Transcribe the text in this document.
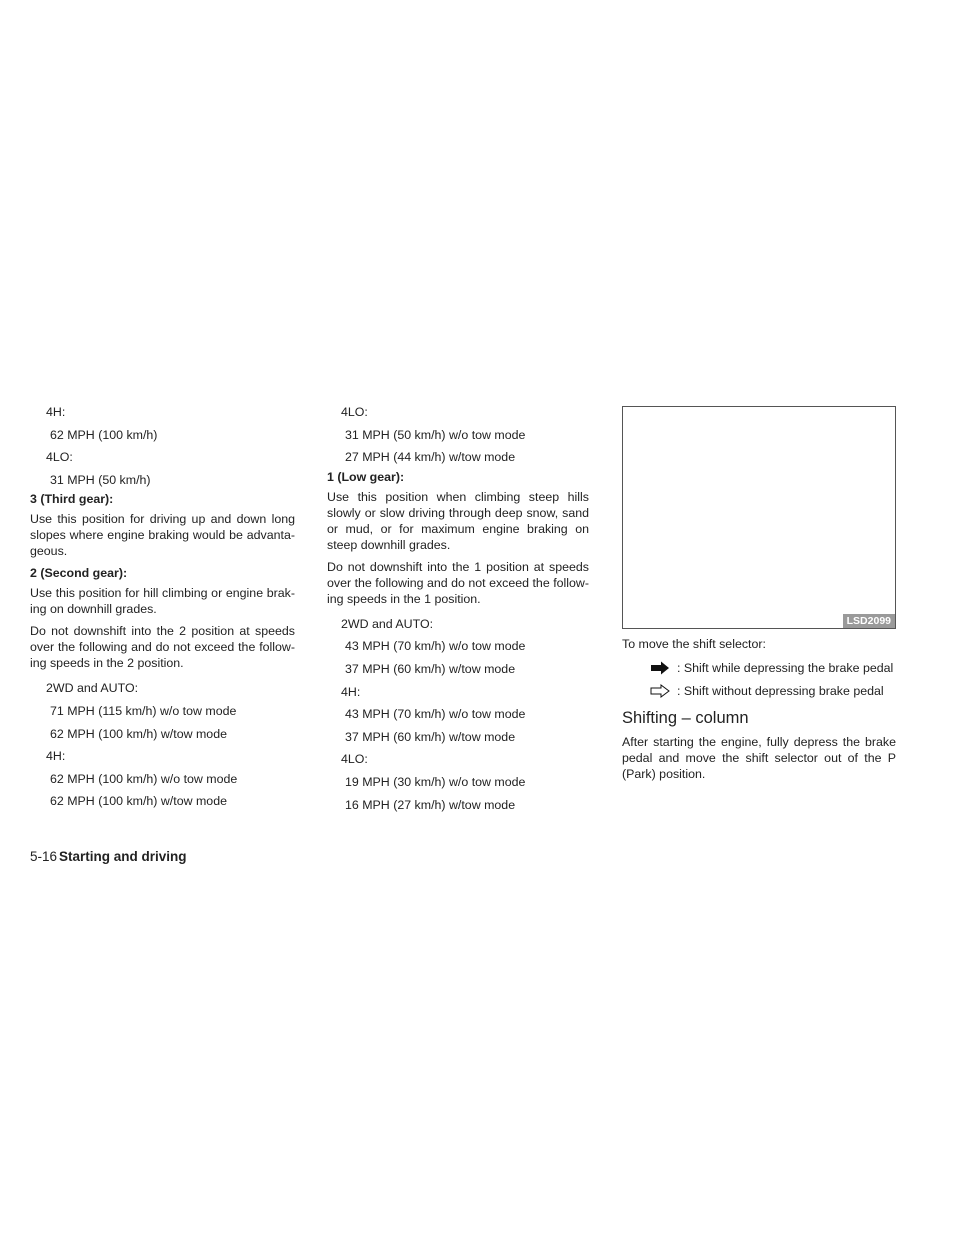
4H:
62 MPH (100 km/h)
4LO:
31 MPH (50 km/h)
3 (Third gear):

Use this position for driving up and down long slopes where engine braking would be advanta- geous.

2 (Second gear):

Use this position for hill climbing or engine brak- ing on downhill grades.

Do not downshift into the 2 position at speeds over the following and do not exceed the follow- ing speeds in the 2 position.

2WD and AUTO:
71 MPH (115 km/h) w/o tow mode
62 MPH (100 km/h) w/tow mode
4H:
62 MPH (100 km/h) w/o tow mode
62 MPH (100 km/h) w/tow mode
4LO:
31 MPH (50 km/h) w/o tow mode
27 MPH (44 km/h) w/tow mode
1 (Low gear):

Use this position when climbing steep hills slowly or slow driving through deep snow, sand or mud, or for maximum engine braking on steep downhill grades.

Do not downshift into the 1 position at speeds over the following and do not exceed the follow- ing speeds in the 1 position.

2WD and AUTO:
43 MPH (70 km/h) w/o tow mode
37 MPH (60 km/h) w/tow mode
4H:
43 MPH (70 km/h) w/o tow mode
37 MPH (60 km/h) w/tow mode
4LO:
19 MPH (30 km/h) w/o tow mode
16 MPH (27 km/h) w/tow mode
LSD2099
To move the shift selector:
: Shift while depressing the brake pedal
: Shift without depressing brake pedal
Shifting – column

After starting the engine, fully depress the brake pedal and move the shift selector out of the P (Park) position.

5-16 Starting and driving
